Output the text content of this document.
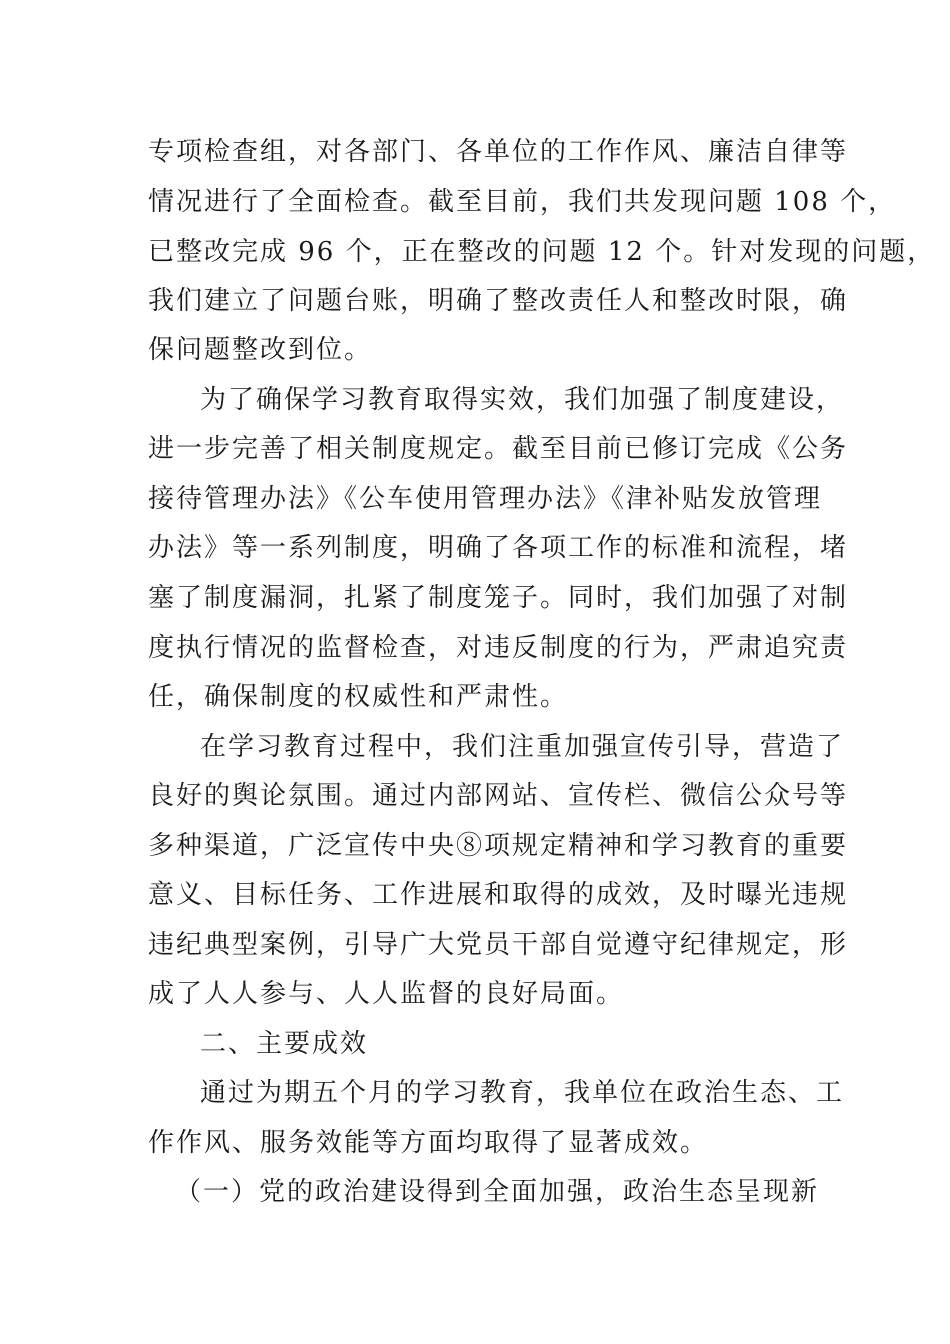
专项检查组，对各部门、各单位的工作作风、廉洁自律等
情况进行了全面检查。截至目前，我们共发现问题 108 个，
已整改完成 96 个，正在整改的问题 12 个。针对发现的问题，
我们建立了问题台账，明确了整改责任人和整改时限，确
保问题整改到位。
为了确保学习教育取得实效，我们加强了制度建设，
进一步完善了相关制度规定。截至目前已修订完成《公务
接待管理办法》《公车使用管理办法》《津补贴发放管理
办法》等一系列制度，明确了各项工作的标准和流程，堵
塞了制度漏洞，扎紧了制度笼子。同时，我们加强了对制
度执行情况的监督检查，对违反制度的行为，严肃追究责
任，确保制度的权威性和严肃性。
在学习教育过程中，我们注重加强宣传引导，营造了
良好的舆论氛围。通过内部网站、宣传栏、微信公众号等
多种渠道，广泛宣传中央⑧项规定精神和学习教育的重要
意义、目标任务、工作进展和取得的成效，及时曝光违规
违纪典型案例，引导广大党员干部自觉遵守纪律规定，形
成了人人参与、人人监督的良好局面。
二、主要成效
通过为期五个月的学习教育，我单位在政治生态、工
作作风、服务效能等方面均取得了显著成效。
（一）党的政治建设得到全面加强，政治生态呈现新
